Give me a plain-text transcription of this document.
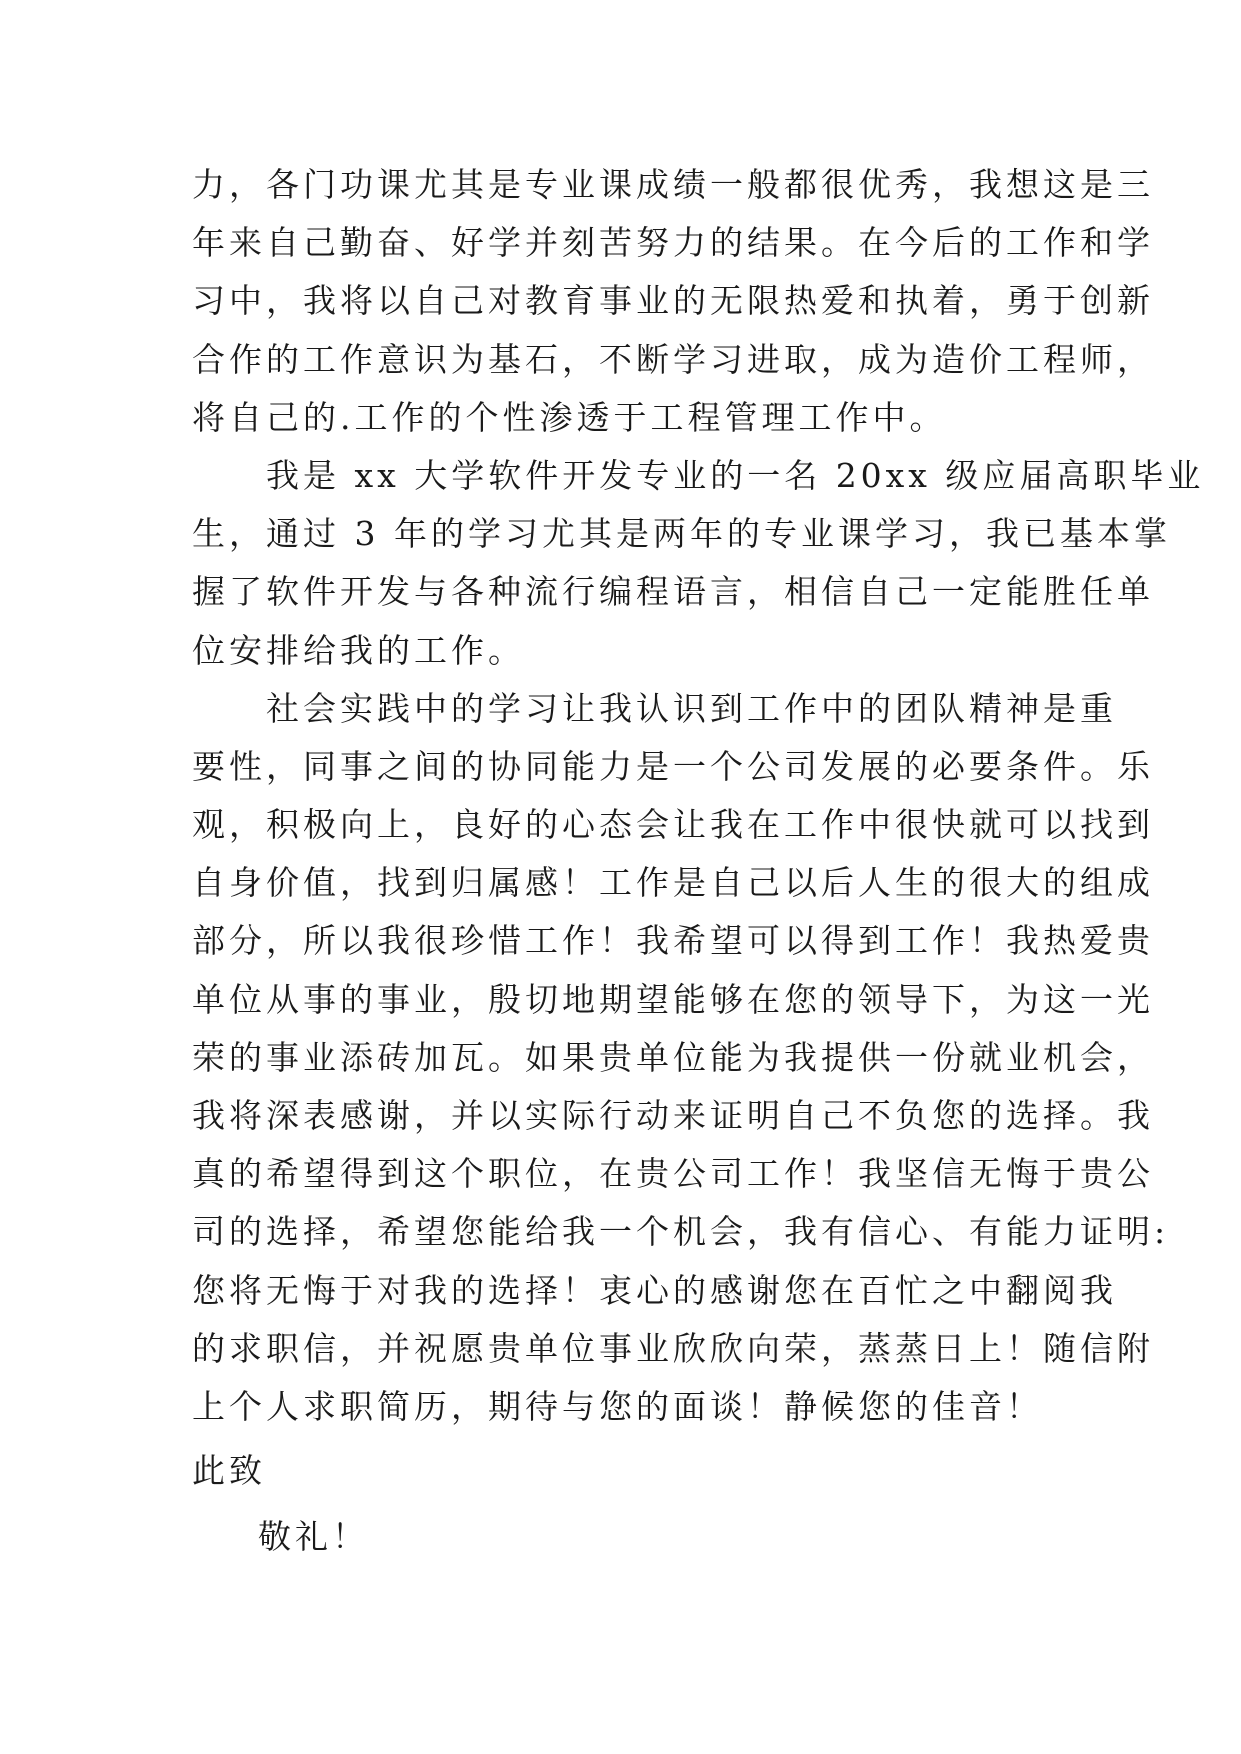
力，各门功课尤其是专业课成绩一般都很优秀，我想这是三
年来自己勤奋、好学并刻苦努力的结果。在今后的工作和学
习中，我将以自己对教育事业的无限热爱和执着，勇于创新
合作的工作意识为基石，不断学习进取，成为造价工程师，
将自己的.工作的个性渗透于工程管理工作中。
　　我是 xx 大学软件开发专业的一名 20xx 级应届高职毕业
生，通过 3 年的学习尤其是两年的专业课学习，我已基本掌
握了软件开发与各种流行编程语言，相信自己一定能胜任单
位安排给我的工作。
　　社会实践中的学习让我认识到工作中的团队精神是重
要性，同事之间的协同能力是一个公司发展的必要条件。乐
观，积极向上，良好的心态会让我在工作中很快就可以找到
自身价值，找到归属感！工作是自己以后人生的很大的组成
部分，所以我很珍惜工作！我希望可以得到工作！我热爱贵
单位从事的事业，殷切地期望能够在您的领导下，为这一光
荣的事业添砖加瓦。如果贵单位能为我提供一份就业机会，
我将深表感谢，并以实际行动来证明自己不负您的选择。我
真的希望得到这个职位，在贵公司工作！我坚信无悔于贵公
司的选择，希望您能给我一个机会，我有信心、有能力证明:
您将无悔于对我的选择！衷心的感谢您在百忙之中翻阅我
的求职信，并祝愿贵单位事业欣欣向荣，蒸蒸日上！随信附
上个人求职简历，期待与您的面谈！静候您的佳音！
此致
敬礼！
